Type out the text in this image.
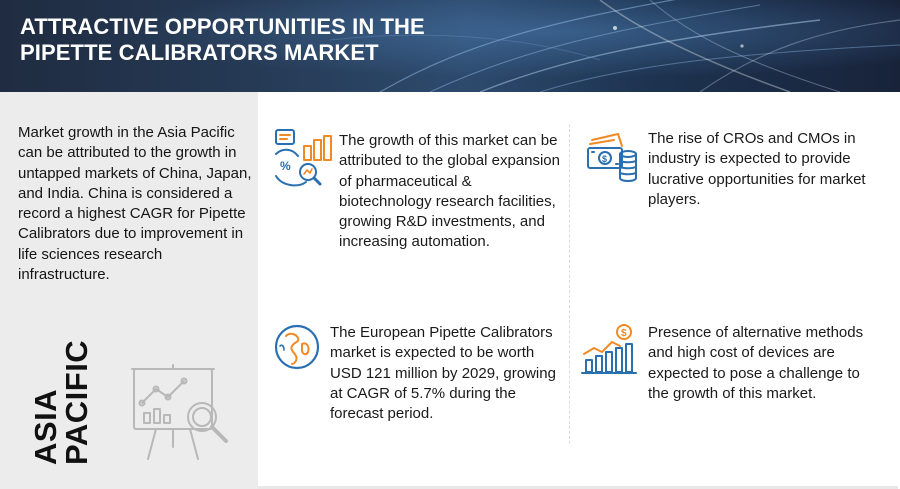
ATTRACTIVE OPPORTUNITIES IN THE
PIPETTE CALIBRATORS MARKET
Market growth in the Asia Pacific can be attributed to the growth in untapped markets of China, Japan, and India. China is considered a record a highest CAGR for Pipette Calibrators due to improvement in life sciences research infrastructure.
ASIA
PACIFIC
%
The growth of this market can be attributed to the global expansion of pharmaceutical & biotechnology research facilities, growing R&D investments, and increasing automation.
$
The rise of CROs and CMOs in industry is expected to provide lucrative opportunities for market players.
The European Pipette Calibrators market is expected to be worth USD 121 million by 2029, growing at CAGR of 5.7% during the forecast period.
$ Presence of alternative methods and high cost of devices are expected to pose a challenge to the growth of this market.
